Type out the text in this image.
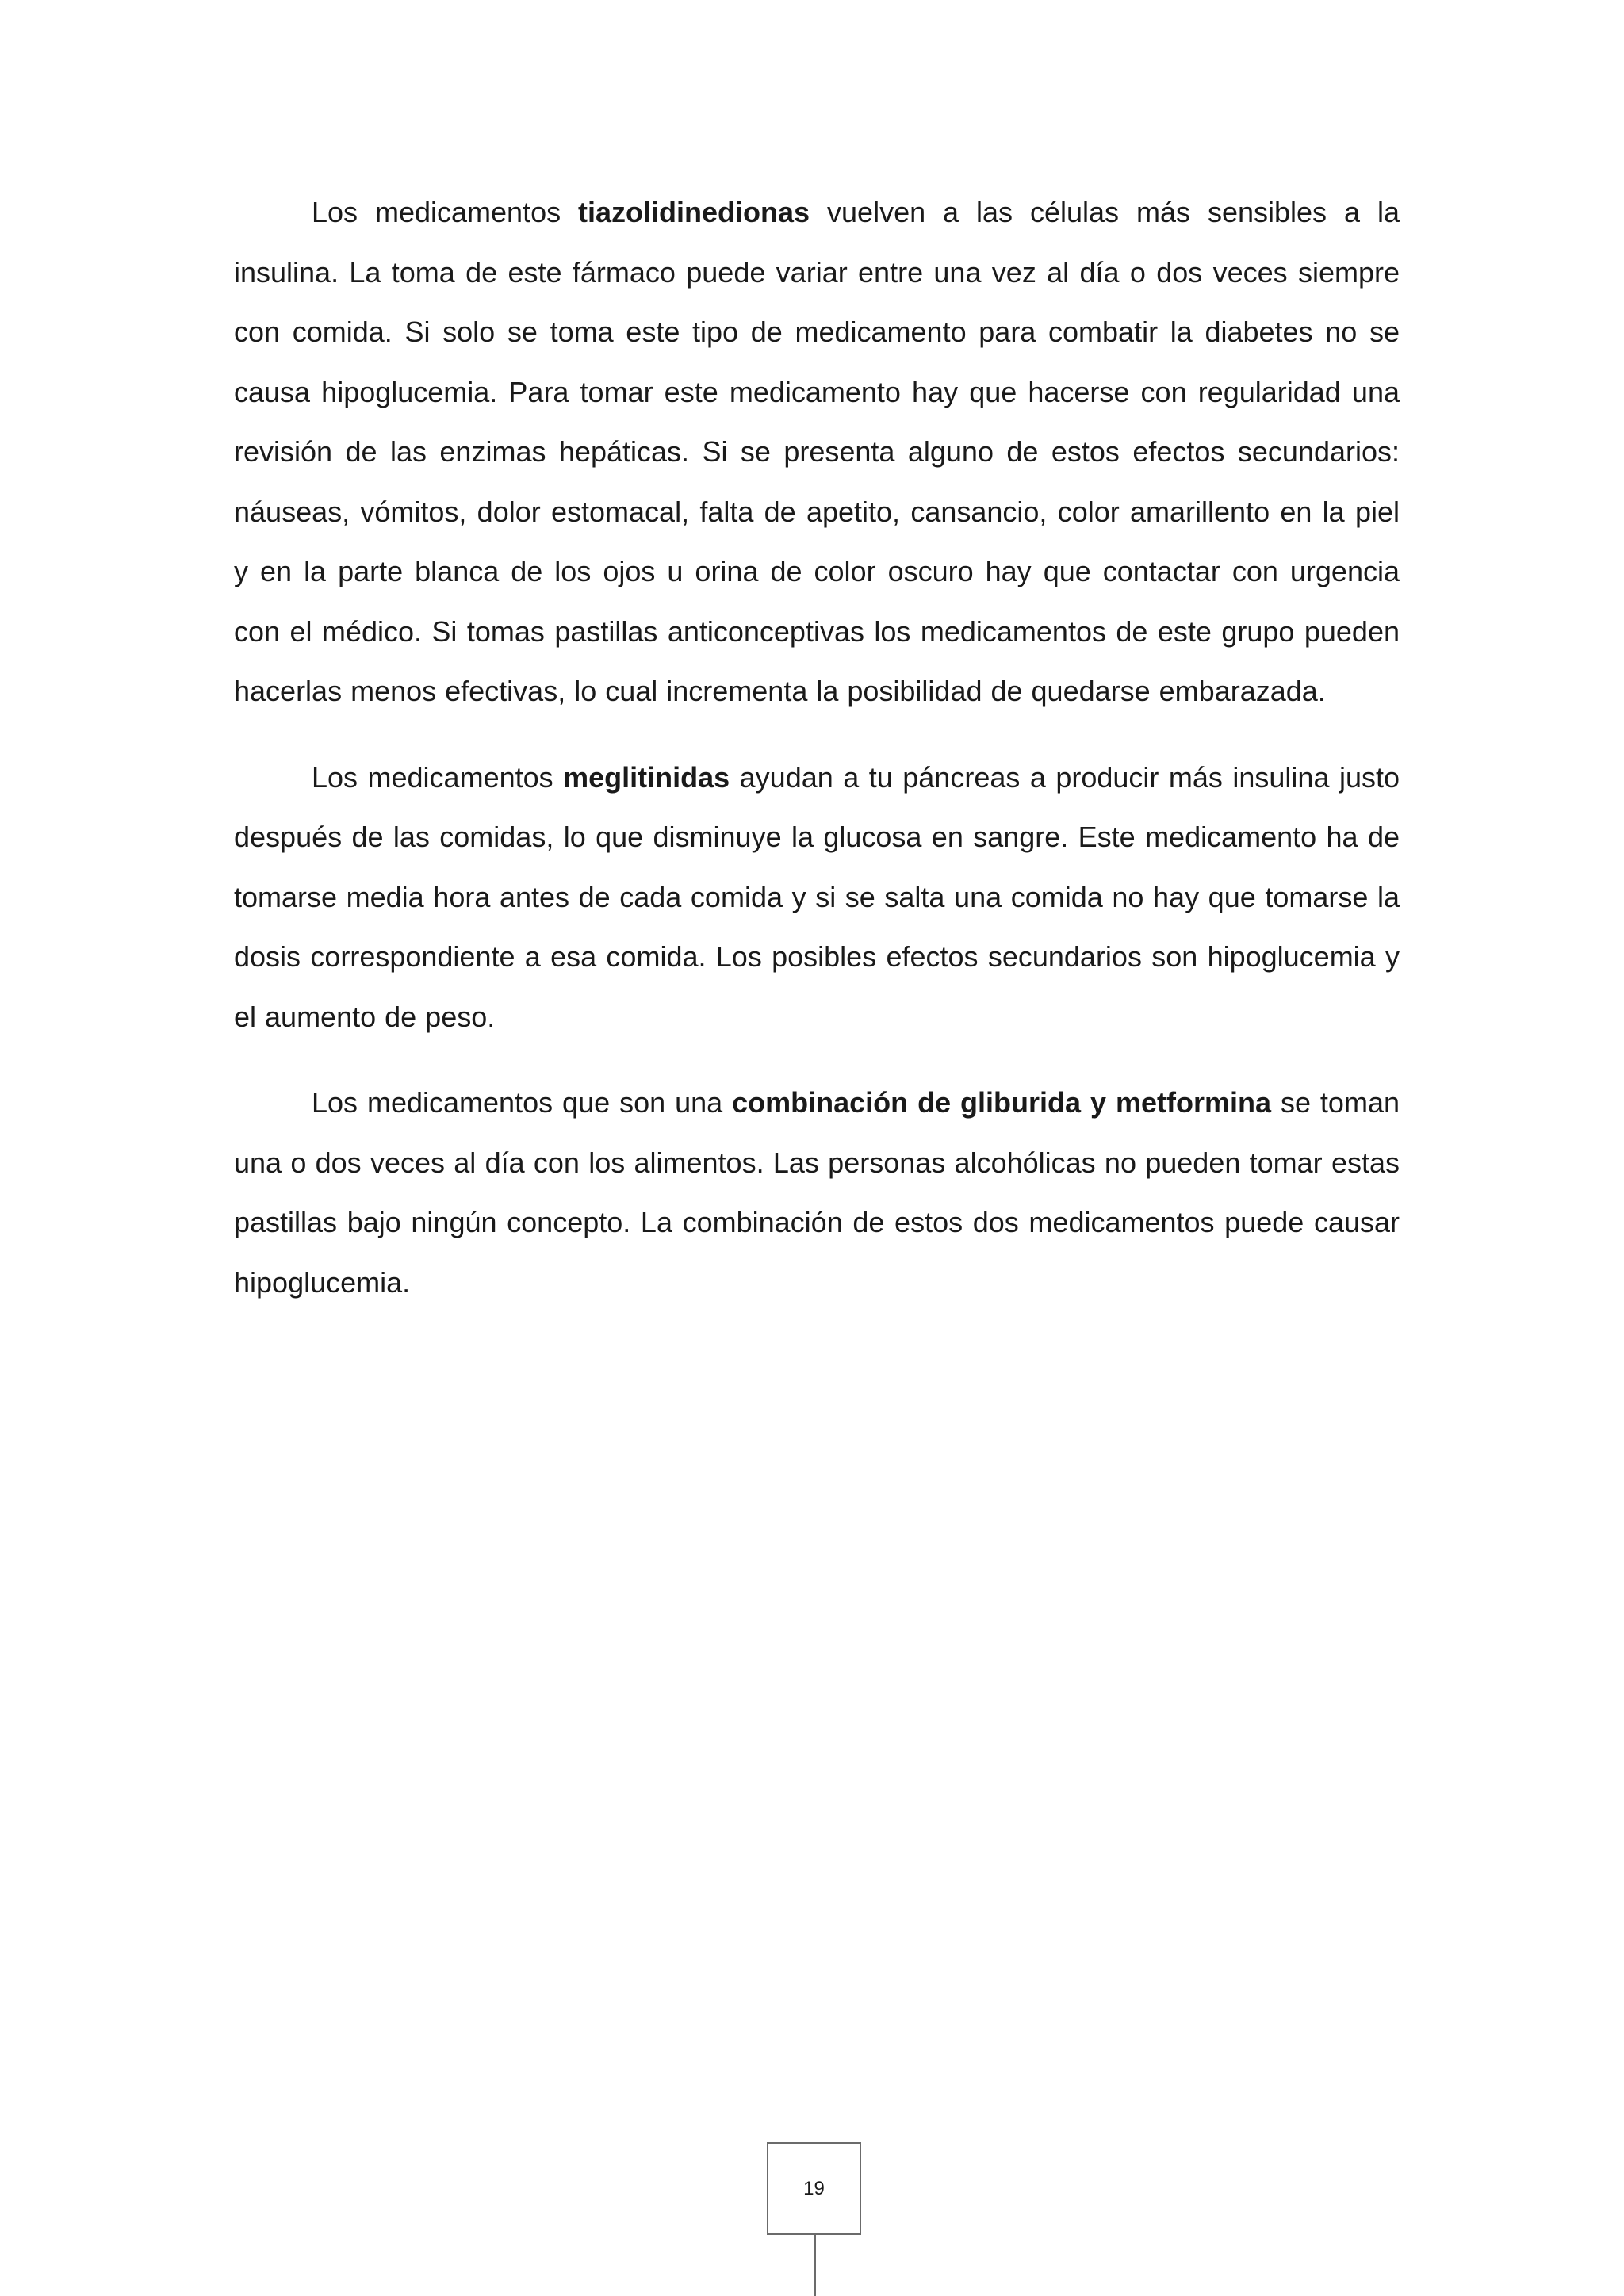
Los medicamentos tiazolidinedionas vuelven a las células más sensibles a la insulina. La toma de este fármaco puede variar entre una vez al día o dos veces siempre con comida. Si solo se toma este tipo de medicamento para combatir la diabetes no se causa hipoglucemia. Para tomar este medicamento hay que hacerse con regularidad una revisión de las enzimas hepáticas. Si se presenta alguno de estos efectos secundarios: náuseas, vómitos, dolor estomacal, falta de apetito, cansancio, color amarillento en la piel y en la parte blanca de los ojos u orina de color oscuro hay que contactar con urgencia con el médico. Si tomas pastillas anticonceptivas los medicamentos de este grupo pueden hacerlas menos efectivas, lo cual incrementa la posibilidad de quedarse embarazada.

Los medicamentos meglitinidas ayudan a tu páncreas a producir más insulina justo después de las comidas, lo que disminuye la glucosa en sangre. Este medicamento ha de tomarse media hora antes de cada comida y si se salta una comida no hay que tomarse la dosis correspondiente a esa comida. Los posibles efectos secundarios son hipoglucemia y el aumento de peso.

Los medicamentos que son una combinación de gliburida y metformina se toman una o dos veces al día con los alimentos. Las personas alcohólicas no pueden tomar estas pastillas bajo ningún concepto. La combinación de estos dos medicamentos puede causar hipoglucemia.

19
